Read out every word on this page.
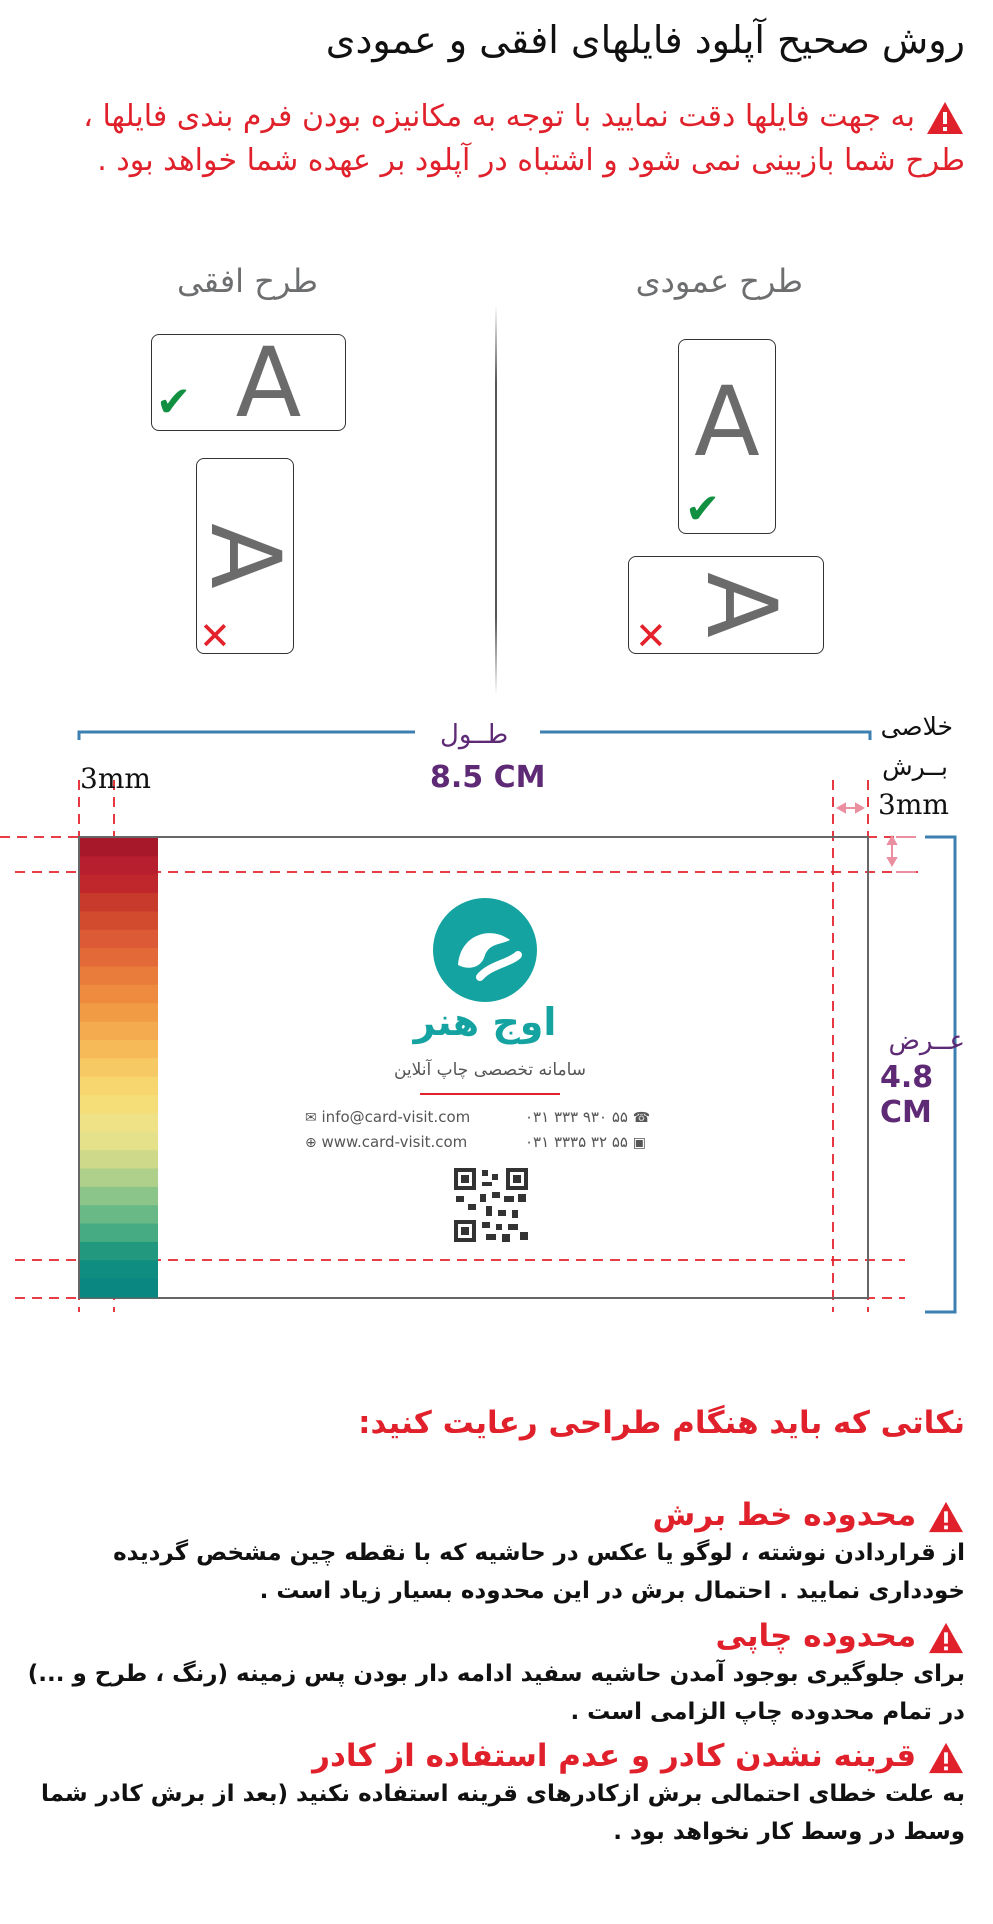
روش صحیح آپلود فایلهای افقی و عمودی
به جهت فایلها دقت نمایید با توجه به مکانیزه بودن فرم بندی فایلها ، طرح شما بازبینی نمی شود و اشتباه در آپلود بر عهده شما خواهد بود .
طرح عمودی
طرح افقی
A
✔
A
✕
A
✔
A
✕
طــول
8.5 CM
3mm
خلاصی
بــرش
3mm
عــرض
4.8 CM
اوج هنر
سامانه تخصصی چاپ آنلاین
✉ info@card-visit.com
⊕ www.card-visit.com
۰۳۱ ۳۳۳ ۹۳۰ ۵۵ ☎
۰۳۱ ۳۳۳۵ ۳۲ ۵۵ ▣
نکاتی که باید هنگام طراحی رعایت کنید:
محدوده خط برش
از قراردادن نوشته ، لوگو یا عکس در حاشیه که با نقطه چین مشخص گردیده خودداری نمایید . احتمال برش در این محدوده بسیار زیاد است .
محدوده چاپی
برای جلوگیری بوجود آمدن حاشیه سفید ادامه دار بودن پس زمینه (رنگ ، طرح و ...) در تمام محدوده چاپ الزامی است .
قرینه نشدن کادر و عدم استفاده از کادر
به علت خطای احتمالی برش ازکادرهای قرینه استفاده نکنید (بعد از برش کادر شما وسط در وسط کار نخواهد بود .
